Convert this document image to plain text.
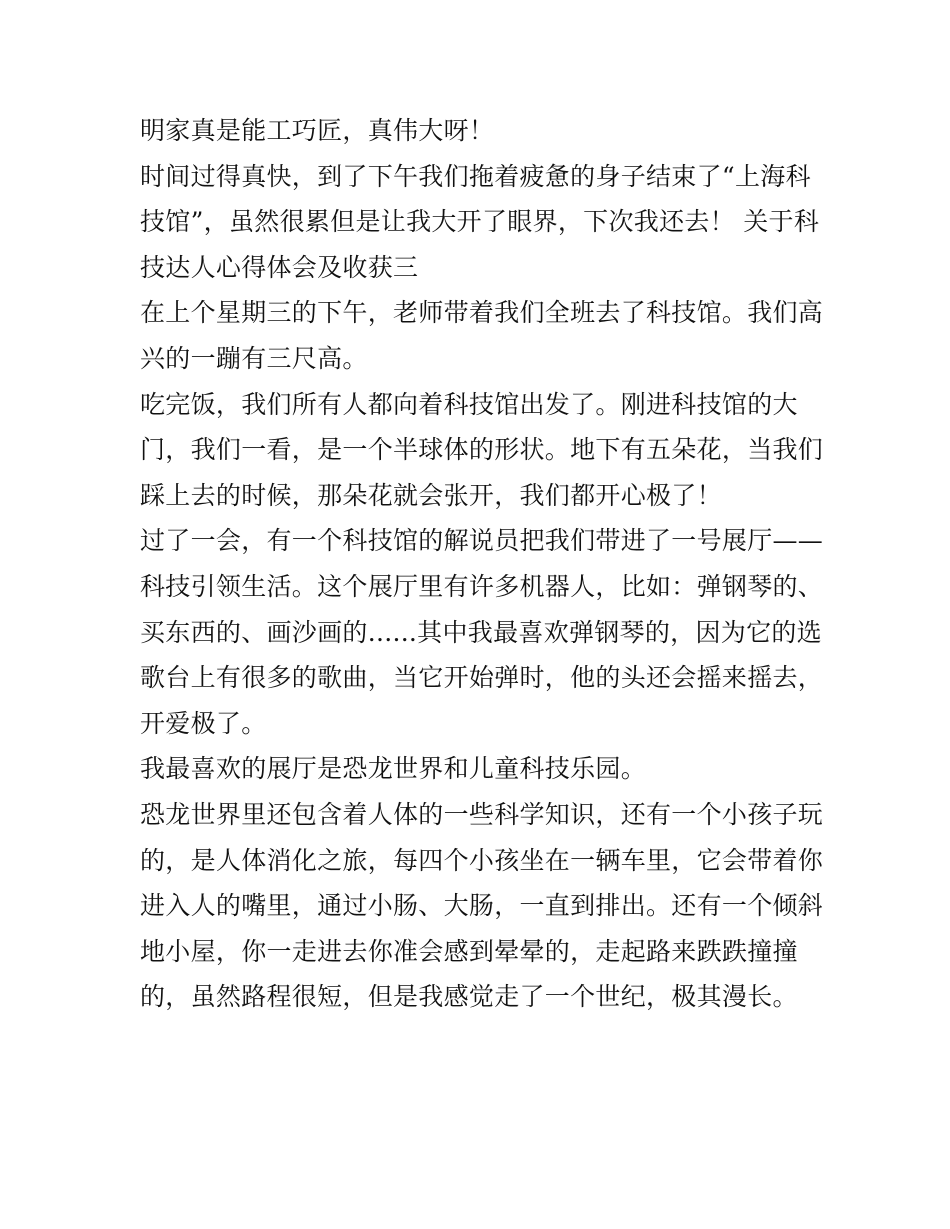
明家真是能工巧匠，真伟大呀！
时间过得真快，到了下午我们拖着疲惫的身子结束了“上海科
技馆”，虽然很累但是让我大开了眼界，下次我还去！ 关于科
技达人心得体会及收获三
在上个星期三的下午，老师带着我们全班去了科技馆。我们高
兴的一蹦有三尺高。
吃完饭，我们所有人都向着科技馆出发了。刚进科技馆的大
门，我们一看，是一个半球体的形状。地下有五朵花，当我们
踩上去的时候，那朵花就会张开，我们都开心极了！
过了一会，有一个科技馆的解说员把我们带进了一号展厅——
科技引领生活。这个展厅里有许多机器人，比如：弹钢琴的、
买东西的、画沙画的......其中我最喜欢弹钢琴的，因为它的选
歌台上有很多的歌曲，当它开始弹时，他的头还会摇来摇去，
开爱极了。
我最喜欢的展厅是恐龙世界和儿童科技乐园。
恐龙世界里还包含着人体的一些科学知识，还有一个小孩子玩
的，是人体消化之旅，每四个小孩坐在一辆车里，它会带着你
进入人的嘴里，通过小肠、大肠，一直到排出。还有一个倾斜
地小屋，你一走进去你准会感到晕晕的，走起路来跌跌撞撞
的，虽然路程很短，但是我感觉走了一个世纪，极其漫长。
